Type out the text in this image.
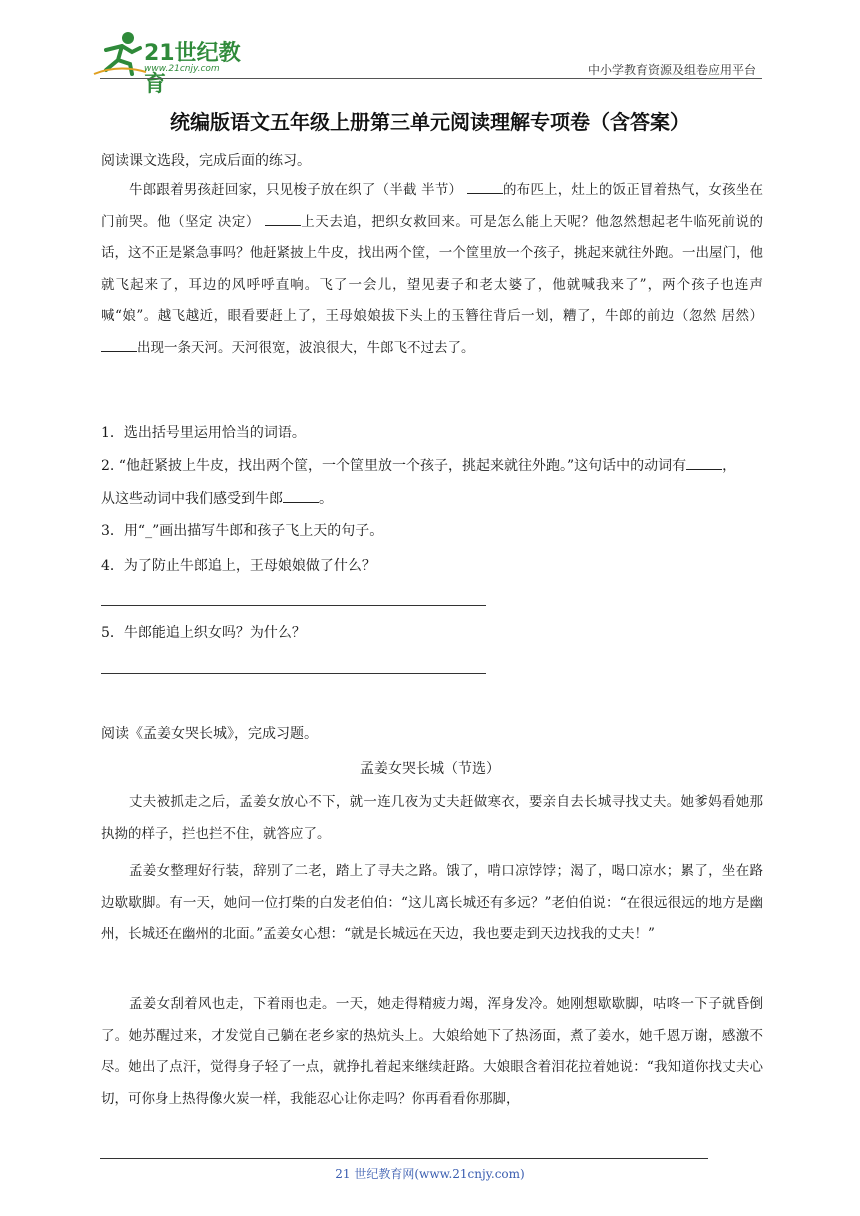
21世纪教育
www.21cnjy.com	中小学教育资源及组卷应用平台
统编版语文五年级上册第三单元阅读理解专项卷（含答案）
阅读课文选段，完成后面的练习。
牛郎跟着男孩赶回家，只见梭子放在织了（半截 半节）	的布匹上，灶上的饭正冒着热气，女孩坐在门前哭。他（坚定 决定）	上天去追，把织女救回来。可是怎么能上天呢？他忽然想起老牛临死前说的话，这不正是紧急事吗？他赶紧披上牛皮，找出两个筐，一个筐里放一个孩子，挑起来就往外跑。一出屋门，他就飞起来了，耳边的风呼呼直响。飞了一会儿，望见妻子和老太婆了，他就喊我来了”，两个孩子也连声喊“娘”。越飞越近，眼看要赶上了，王母娘娘拔下头上的玉簪往背后一划，糟了，牛郎的前边（忽然 居然） 出现一条天河。天河很宽，波浪很大，牛郎飞不过去了。
1．选出括号里运用恰当的词语。
2. “他赶紧披上牛皮，找出两个筐，一个筐里放一个孩子，挑起来就往外跑。”这句话中的动词有	，
从这些动词中我们感受到牛郎	。
3．用“_”画出描写牛郎和孩子飞上天的句子。
4．为了防止牛郎追上，王母娘娘做了什么？
5．牛郎能追上织女吗？为什么？
阅读《孟姜女哭长城》，完成习题。
孟姜女哭长城（节选）
丈夫被抓走之后，孟姜女放心不下，就一连几夜为丈夫赶做寒衣，要亲自去长城寻找丈夫。她爹妈看她那执拗的样子，拦也拦不住，就答应了。
孟姜女整理好行装，辞别了二老，踏上了寻夫之路。饿了，啃口凉饽饽；渴了，喝口凉水；累了，坐在路边歇歇脚。有一天，她问一位打柴的白发老伯伯：“这儿离长城还有多远？”老伯伯说：“在很远很远的地方是幽州，长城还在幽州的北面。”孟姜女心想：“就是长城远在天边，我也要走到天边找我的丈夫！”
孟姜女刮着风也走，下着雨也走。一天，她走得精疲力竭，浑身发冷。她刚想歇歇脚，咕咚一下子就昏倒了。她苏醒过来，才发觉自己躺在老乡家的热炕头上。大娘给她下了热汤面，煮了姜水，她千恩万谢，感激不尽。她出了点汗，觉得身子轻了一点，就挣扎着起来继续赶路。大娘眼含着泪花拉着她说：“我知道你找丈夫心切，可你身上热得像火炭一样，我能忍心让你走吗？你再看看你那脚，
21 世纪教育网(www.21cnjy.com)
